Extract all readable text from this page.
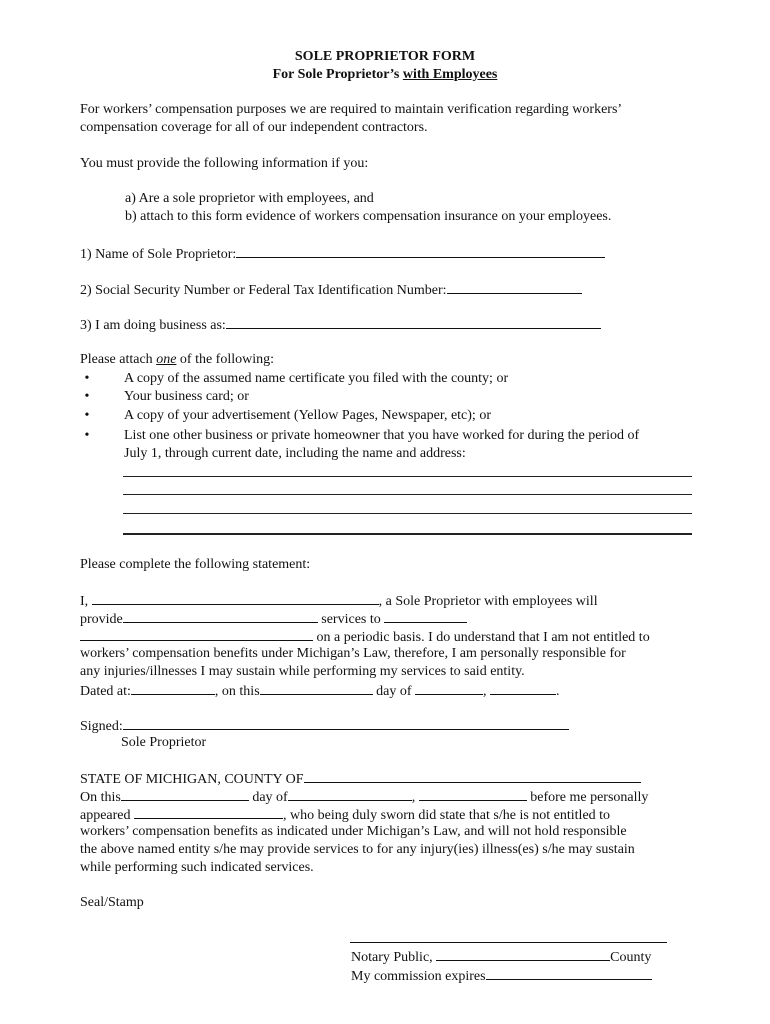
SOLE PROPRIETOR FORM
For Sole Proprietor’s with Employees
For workers’ compensation purposes we are required to maintain verification regarding workers’
compensation coverage for all of our independent contractors.
You must provide the following information if you:
a) Are a sole proprietor with employees, and
b) attach to this form evidence of workers compensation insurance on your employees.
1) Name of Sole Proprietor:
2) Social Security Number or Federal Tax Identification Number:
3) I am doing business as:
Please attach one of the following:
• A copy of the assumed name certificate you filed with the county; or
• Your business card; or
• A copy of your advertisement (Yellow Pages, Newspaper, etc); or
• List one other business or private homeowner that you have worked for during the period of
July 1, through current date, including the name and address:
Please complete the following statement:
I,	, a Sole Proprietor with employees will
provide	services to
on a periodic basis. I do understand that I am not entitled to
workers’ compensation benefits under Michigan’s Law, therefore, I am personally responsible for
any injuries/illnesses I may sustain while performing my services to said entity.
Dated at:	, on this	day of	,	.
Signed:
Sole Proprietor
STATE OF MICHIGAN, COUNTY OF
On this	day of	,	before me personally
appeared	, who being duly sworn did state that s/he is not entitled to
workers’ compensation benefits as indicated under Michigan’s Law, and will not hold responsible
the above named entity s/he may provide services to for any injury(ies) illness(es) s/he may sustain
while performing such indicated services.
Seal/Stamp
Notary Public,	County
My commission expires
